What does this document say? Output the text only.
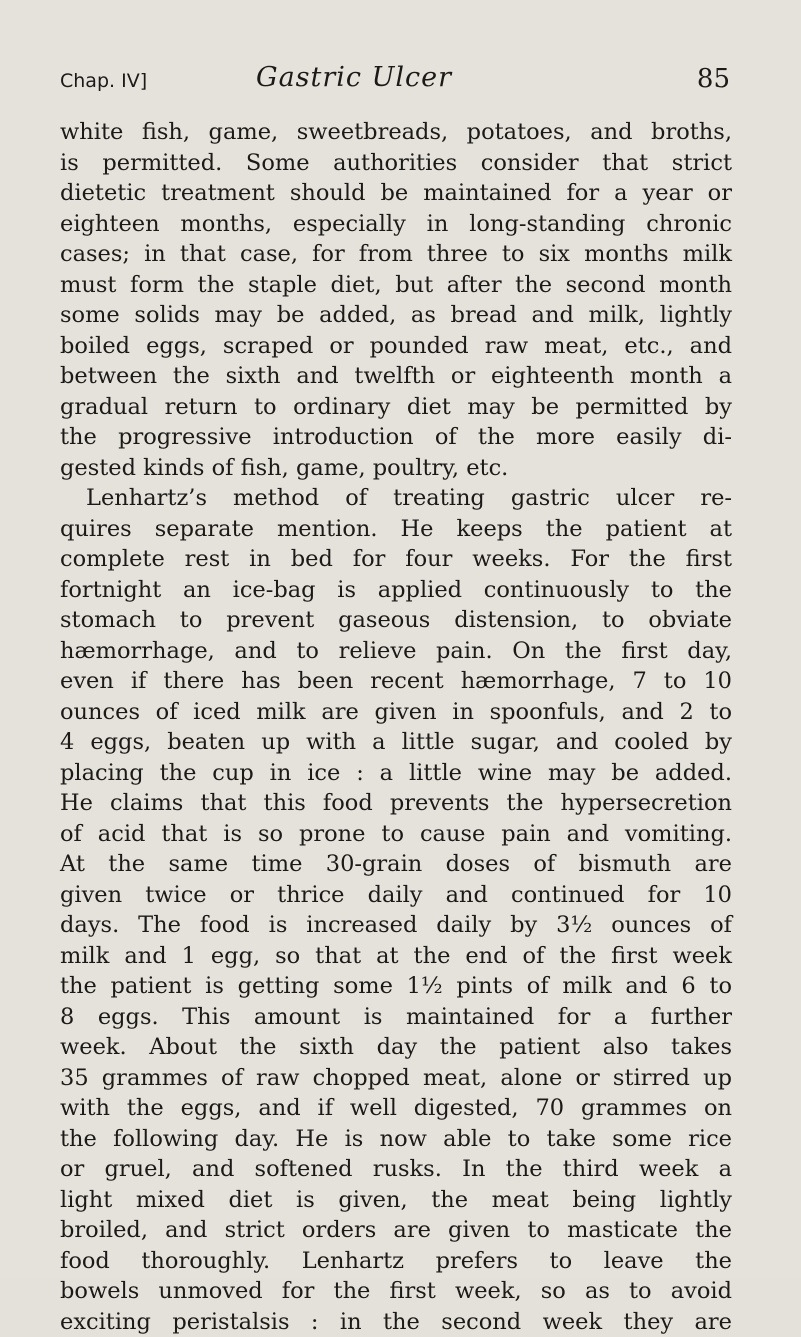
Chap. IV]	Gastric Ulcer	85
white fish, game, sweetbreads, potatoes, and broths,
is permitted. Some authorities consider that strict
dietetic treatment should be maintained for a year or
eighteen months, especially in long-standing chronic
cases; in that case, for from three to six months milk
must form the staple diet, but after the second month
some solids may be added, as bread and milk, lightly
boiled eggs, scraped or pounded raw meat, etc., and
between the sixth and twelfth or eighteenth month a
gradual return to ordinary diet may be permitted by
the progressive introduction of the more easily di-
gested kinds of fish, game, poultry, etc.
Lenhartz’s method of treating gastric ulcer re-
quires separate mention. He keeps the patient at
complete rest in bed for four weeks. For the first
fortnight an ice-bag is applied continuously to the
stomach to prevent gaseous distension, to obviate
hæmorrhage, and to relieve pain. On the first day,
even if there has been recent hæmorrhage, 7 to 10
ounces of iced milk are given in spoonfuls, and 2 to
4 eggs, beaten up with a little sugar, and cooled by
placing the cup in ice : a little wine may be added.
He claims that this food prevents the hypersecretion
of acid that is so prone to cause pain and vomiting.
At the same time 30-grain doses of bismuth are
given twice or thrice daily and continued for 10
days. The food is increased daily by 3½ ounces of
milk and 1 egg, so that at the end of the first week
the patient is getting some 1½ pints of milk and 6 to
8 eggs. This amount is maintained for a further
week. About the sixth day the patient also takes
35 grammes of raw chopped meat, alone or stirred up
with the eggs, and if well digested, 70 grammes on
the following day. He is now able to take some rice
or gruel, and softened rusks. In the third week a
light mixed diet is given, the meat being lightly
broiled, and strict orders are given to masticate the
food thoroughly. Lenhartz prefers to leave the
bowels unmoved for the first week, so as to avoid
exciting peristalsis : in the second week they are
